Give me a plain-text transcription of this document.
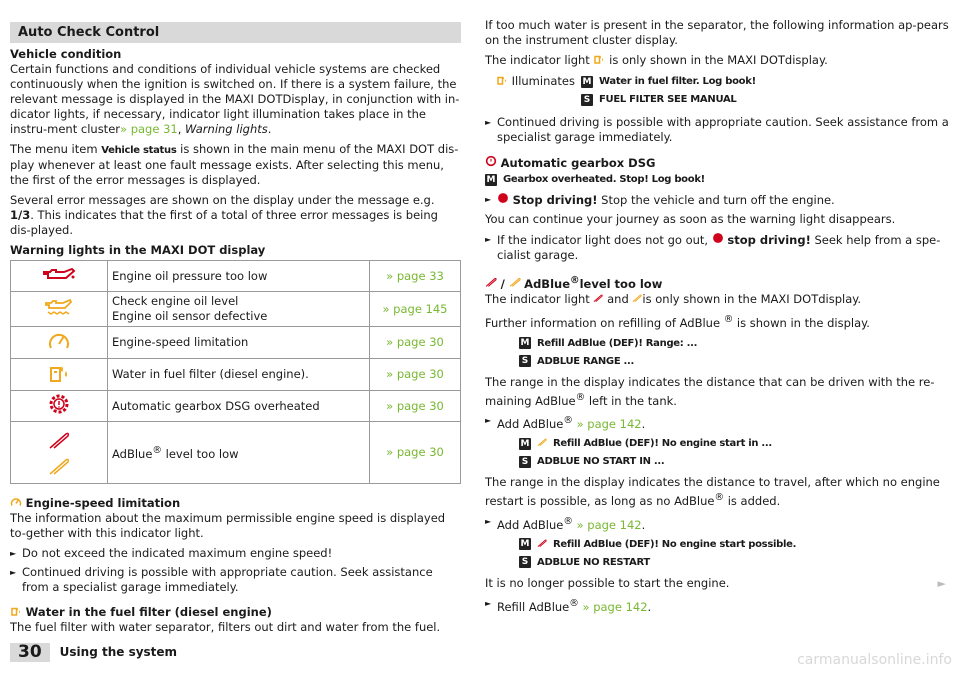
Auto Check Control

Vehicle condition
Certain functions and conditions of individual vehicle systems are checked continuously when the ignition is switched on. If there is a system failure, the relevant message is displayed in the MAXI DOTDisplay, in conjunction with in-dicator lights, if necessary, indicator light illumination takes place in the instru-ment cluster» page 31, Warning lights.

The menu item Vehicle status is shown in the main menu of the MAXI DOT dis-play whenever at least one fault message exists. After selecting this menu, the first of the error messages is displayed.

Several error messages are shown on the display under the message e.g. 1/3. This indicates that the first of a total of three error messages is being dis-played.

Warning lights in the MAXI DOT display
	Engine oil pressure too low	» page 33
	Check engine oil level
Engine oil sensor defective	» page 145
	Engine-speed limitation	» page 30
	Water in fuel filter (diesel engine).	» page 30
	Automatic gearbox DSG overheated	» page 30

	AdBlue® level too low	» page 30

Engine-speed limitation
The information about the maximum permissible engine speed is displayed to-gether with this indicator light.

► Do not exceed the indicated maximum engine speed!
► Continued driving is possible with appropriate caution. Seek assistance from a specialist garage immediately.

Water in the fuel filter (diesel engine)
The fuel filter with water separator, filters out dirt and water from the fuel.

If too much water is present in the separator, the following information ap-pears on the instrument cluster display.

The indicator light  is only shown in the MAXI DOTdisplay.

Illuminates M Water in fuel filter. Log book!
S FUEL FILTER SEE MANUAL
► Continued driving is possible with appropriate caution. Seek assistance from a specialist garage immediately.
Automatic gearbox DSG
M Gearbox overheated. Stop! Log book!
► Stop driving! Stop the vehicle and turn off the engine.

You can continue your journey as soon as the warning light disappears.

► If the indicator light does not go out,  stop driving! Seek help from a spe-cialist garage.
/ AdBlue®level too low

The indicator light  and is only shown in the MAXI DOTdisplay.

Further information on refilling of AdBlue ® is shown in the display.

M Refill AdBlue (DEF)! Range: ...
S ADBLUE RANGE ...

The range in the display indicates the distance that can be driven with the re-maining AdBlue® left in the tank.

► Add AdBlue® » page 142.
M Refill AdBlue (DEF)! No engine start in ...
S ADBLUE NO START IN ...

The range in the display indicates the distance to travel, after which no engine restart is possible, as long as no AdBlue® is added.

► Add AdBlue® » page 142.
M Refill AdBlue (DEF)! No engine start possible.
S ADBLUE NO RESTART

It is no longer possible to start the engine.

► Refill AdBlue® » page 142.
►
30	Using the system	carmanualsonline.info
